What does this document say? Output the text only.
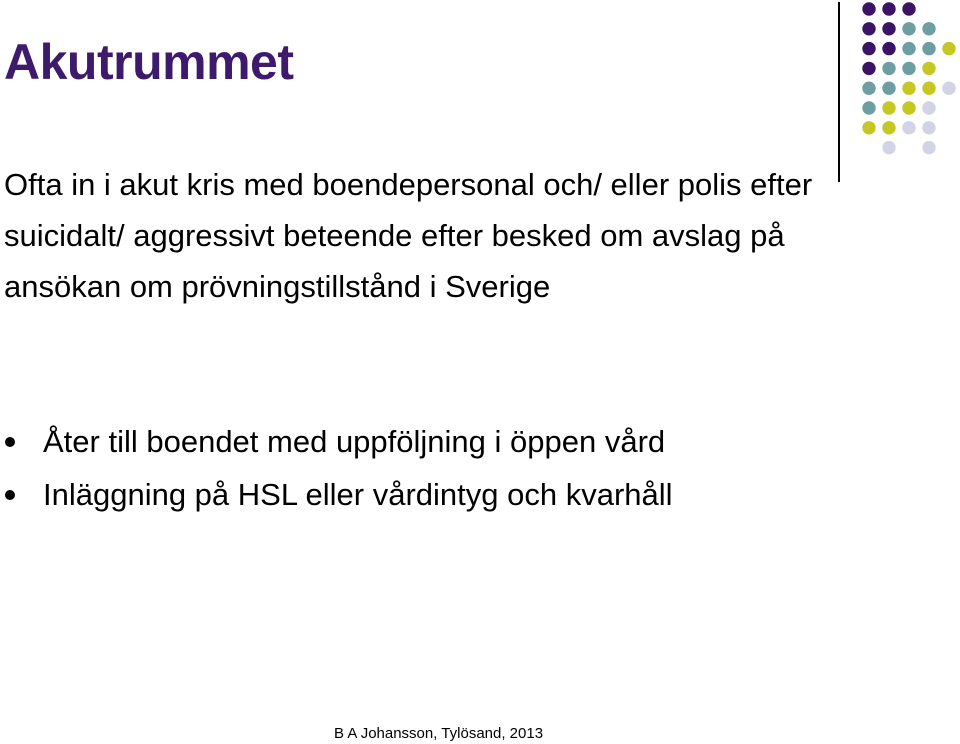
Akutrummet

Ofta in i akut kris med boendepersonal och/ eller polis efter suicidalt/ aggressivt beteende efter besked om avslag på ansökan om prövningstillstånd i Sverige

Åter till boendet med uppföljning i öppen vård
Inläggning på HSL eller vårdintyg och kvarhåll
B A Johansson, Tylösand, 2013
